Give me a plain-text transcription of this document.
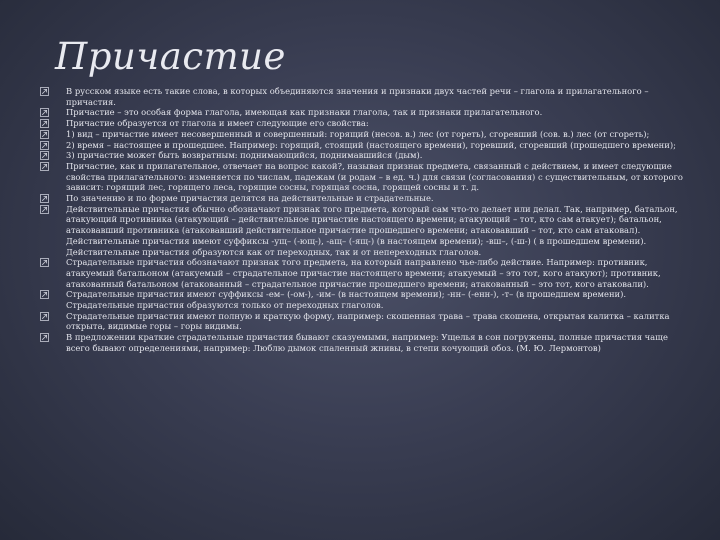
Причастие
В русском языке есть такие слова, в которых объединяются значения и признаки двух частей речи – глагола и прилагательного – причастия.
Причастие – это особая форма глагола, имеющая как признаки глагола, так и признаки прилагательного.
Причастие образуется от глагола и имеет следующие его свойства:
1) вид – причастие имеет несовершенный и совершенный: горящий (несов. в.) лес (от гореть), сгоревший (сов. в.) лес (от сгореть);
2) время – настоящее и прошедшее. Например: горящий, стоящий (настоящего времени), горевший, сгоревший (прошедшего времени);
3) причастие может быть возвратным: поднимающийся, поднимавшийся (дым).
Причастие, как и прилагательное, отвечает на вопрос какой?, называя признак предмета, связанный с действием, и имеет следующие свойства прилагательного: изменяется по числам, падежам (и родам – в ед. ч.) для связи (согласования) с существительным, от которого зависит: горящий лес, горящего леса, горящие сосны, горящая сосна, горящей сосны и т. д.
По значению и по форме причастия делятся на действительные и страдательные.
Действительные причастия обычно обозначают признак того предмета, который сам что-то делает или делал. Так, например, батальон, атакующий противника (атакующий – действительное причастие настоящего времени; атакующий – тот, кто сам атакует); батальон, атаковавший противника (атаковавший действительное причастие прошедшего времени; атаковавший – тот, кто сам атаковал). Действительные причастия имеют суффиксы -ущ– (-ющ-), -ащ– (-ящ-) (в настоящем времени); -вш–, (-ш-) ( в прошедшем времени). Действительные причастия образуются как от переходных, так и от непереходных глаголов.
Страдательные причастия обозначают признак того предмета, на который направлено чье-либо действие. Например: противник, атакуемый батальоном (атакуемый – страдательное причастие настоящего времени; атакуемый – это тот, кого атакуют); противник, атакованный батальоном (атакованный – страдательное причастие прошедшего времени; атакованный – это тот, кого атаковали).
Страдательные причастия имеют суффиксы -ем– (-ом-), -им– (в настоящем времени); -нн– (-енн-), -т– (в прошедшем времени). Страдательные причастия образуются только от переходных глаголов.
Страдательные причастия имеют полную и краткую форму, например: скошенная трава – трава скошена, открытая калитка – калитка открыта, видимые горы – горы видимы.
В предложении краткие страдательные причастия бывают сказуемыми, например: Ущелья в сон погружены, полные причастия чаще всего бывают определениями, например: Люблю дымок спаленный жнивы, в степи кочующий обоз. (М. Ю. Лермонтов)
